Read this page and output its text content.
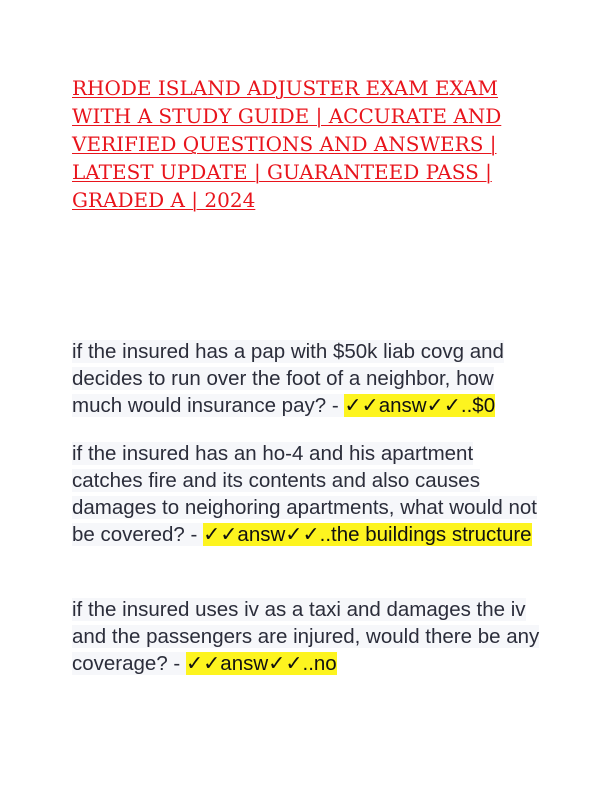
RHODE ISLAND ADJUSTER EXAM EXAM WITH A STUDY GUIDE | ACCURATE AND VERIFIED QUESTIONS AND ANSWERS | LATEST UPDATE | GUARANTEED PASS | GRADED A | 2024

if the insured has a pap with $50k liab covg and decides to run over the foot of a neighbor, how much would insurance pay? - ✓✓answ✓✓..$0

if the insured has an ho-4 and his apartment catches fire and its contents and also causes damages to neighoring apartments, what would not be covered? - ✓✓answ✓✓..the buildings structure

if the insured uses iv as a taxi and damages the iv and the passengers are injured, would there be any coverage? - ✓✓answ✓✓..no
